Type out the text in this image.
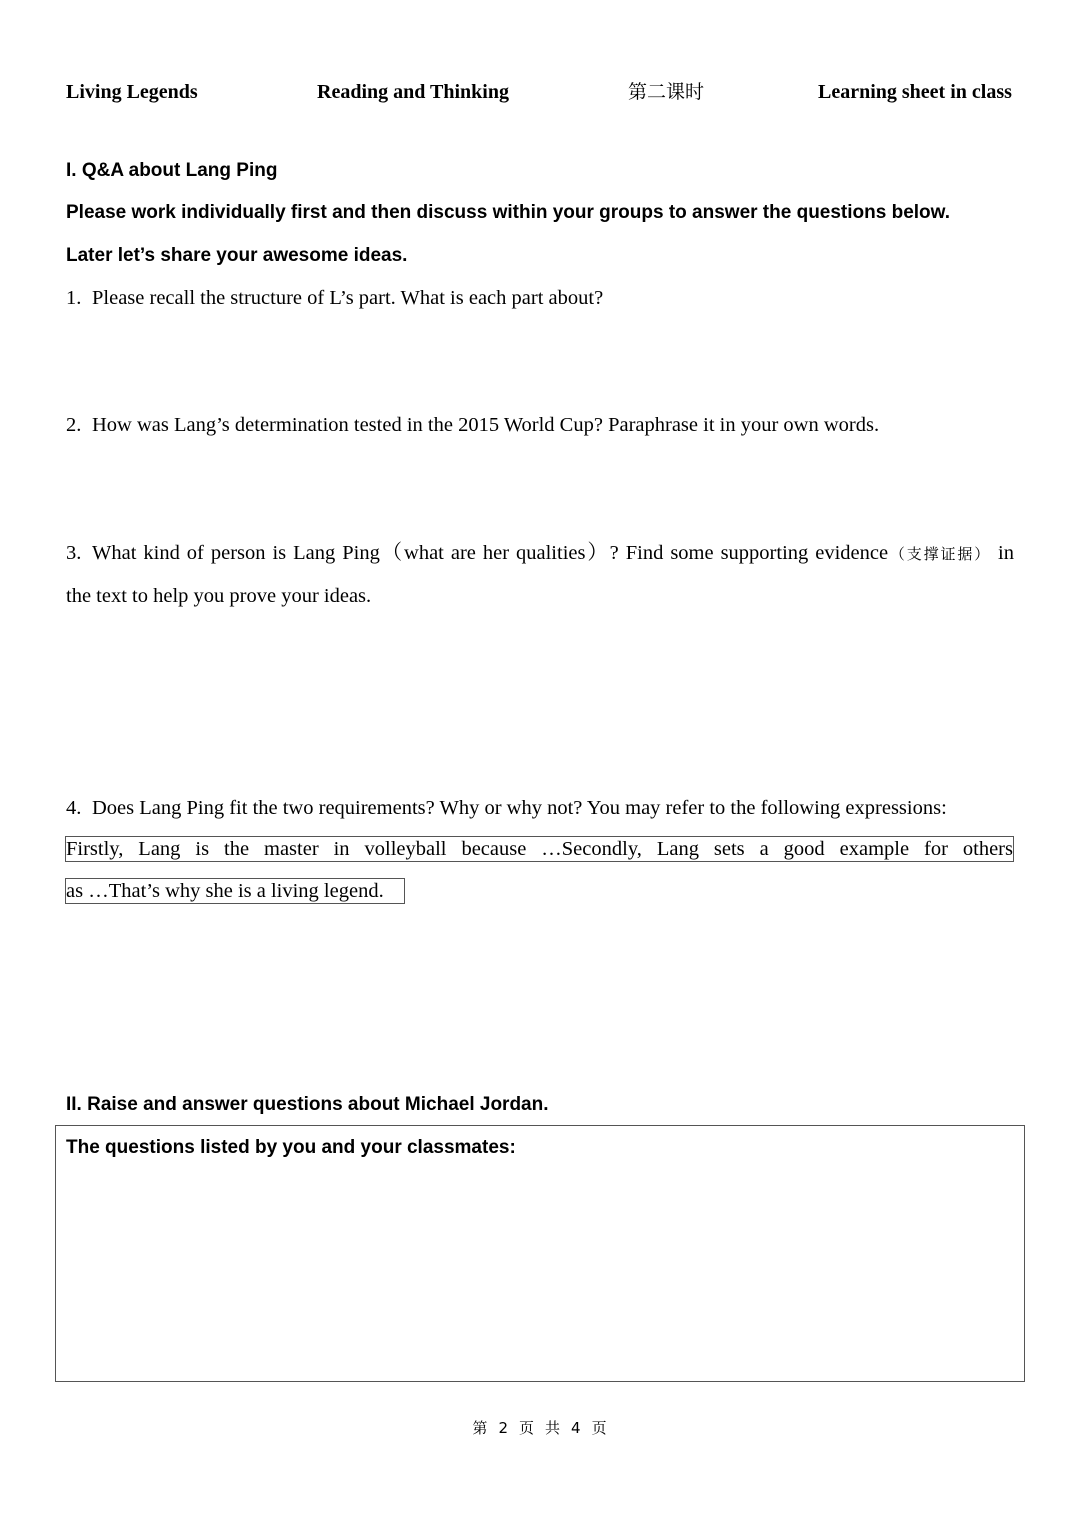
Living Legends	Reading and Thinking	第二课时	Learning sheet in class
I. Q&A about Lang Ping
Please work individually first and then discuss within your groups to answer the questions below.
Later let’s share your awesome ideas.
1. Please recall the structure of L’s part. What is each part about?
2. How was Lang’s determination tested in the 2015 World Cup? Paraphrase it in your own words.
3. What kind of person is Lang Ping（what are her qualities）? Find some supporting evidence（支撑证据） in
the text to help you prove your ideas.
4. Does Lang Ping fit the two requirements? Why or why not? You may refer to the following expressions:
Firstly, Lang is the master in volleyball because …Secondly, Lang sets a good example for others
as …That’s why she is a living legend.
II. Raise and answer questions about Michael Jordan.
The questions listed by you and your classmates:
第 2 页 共 4 页
